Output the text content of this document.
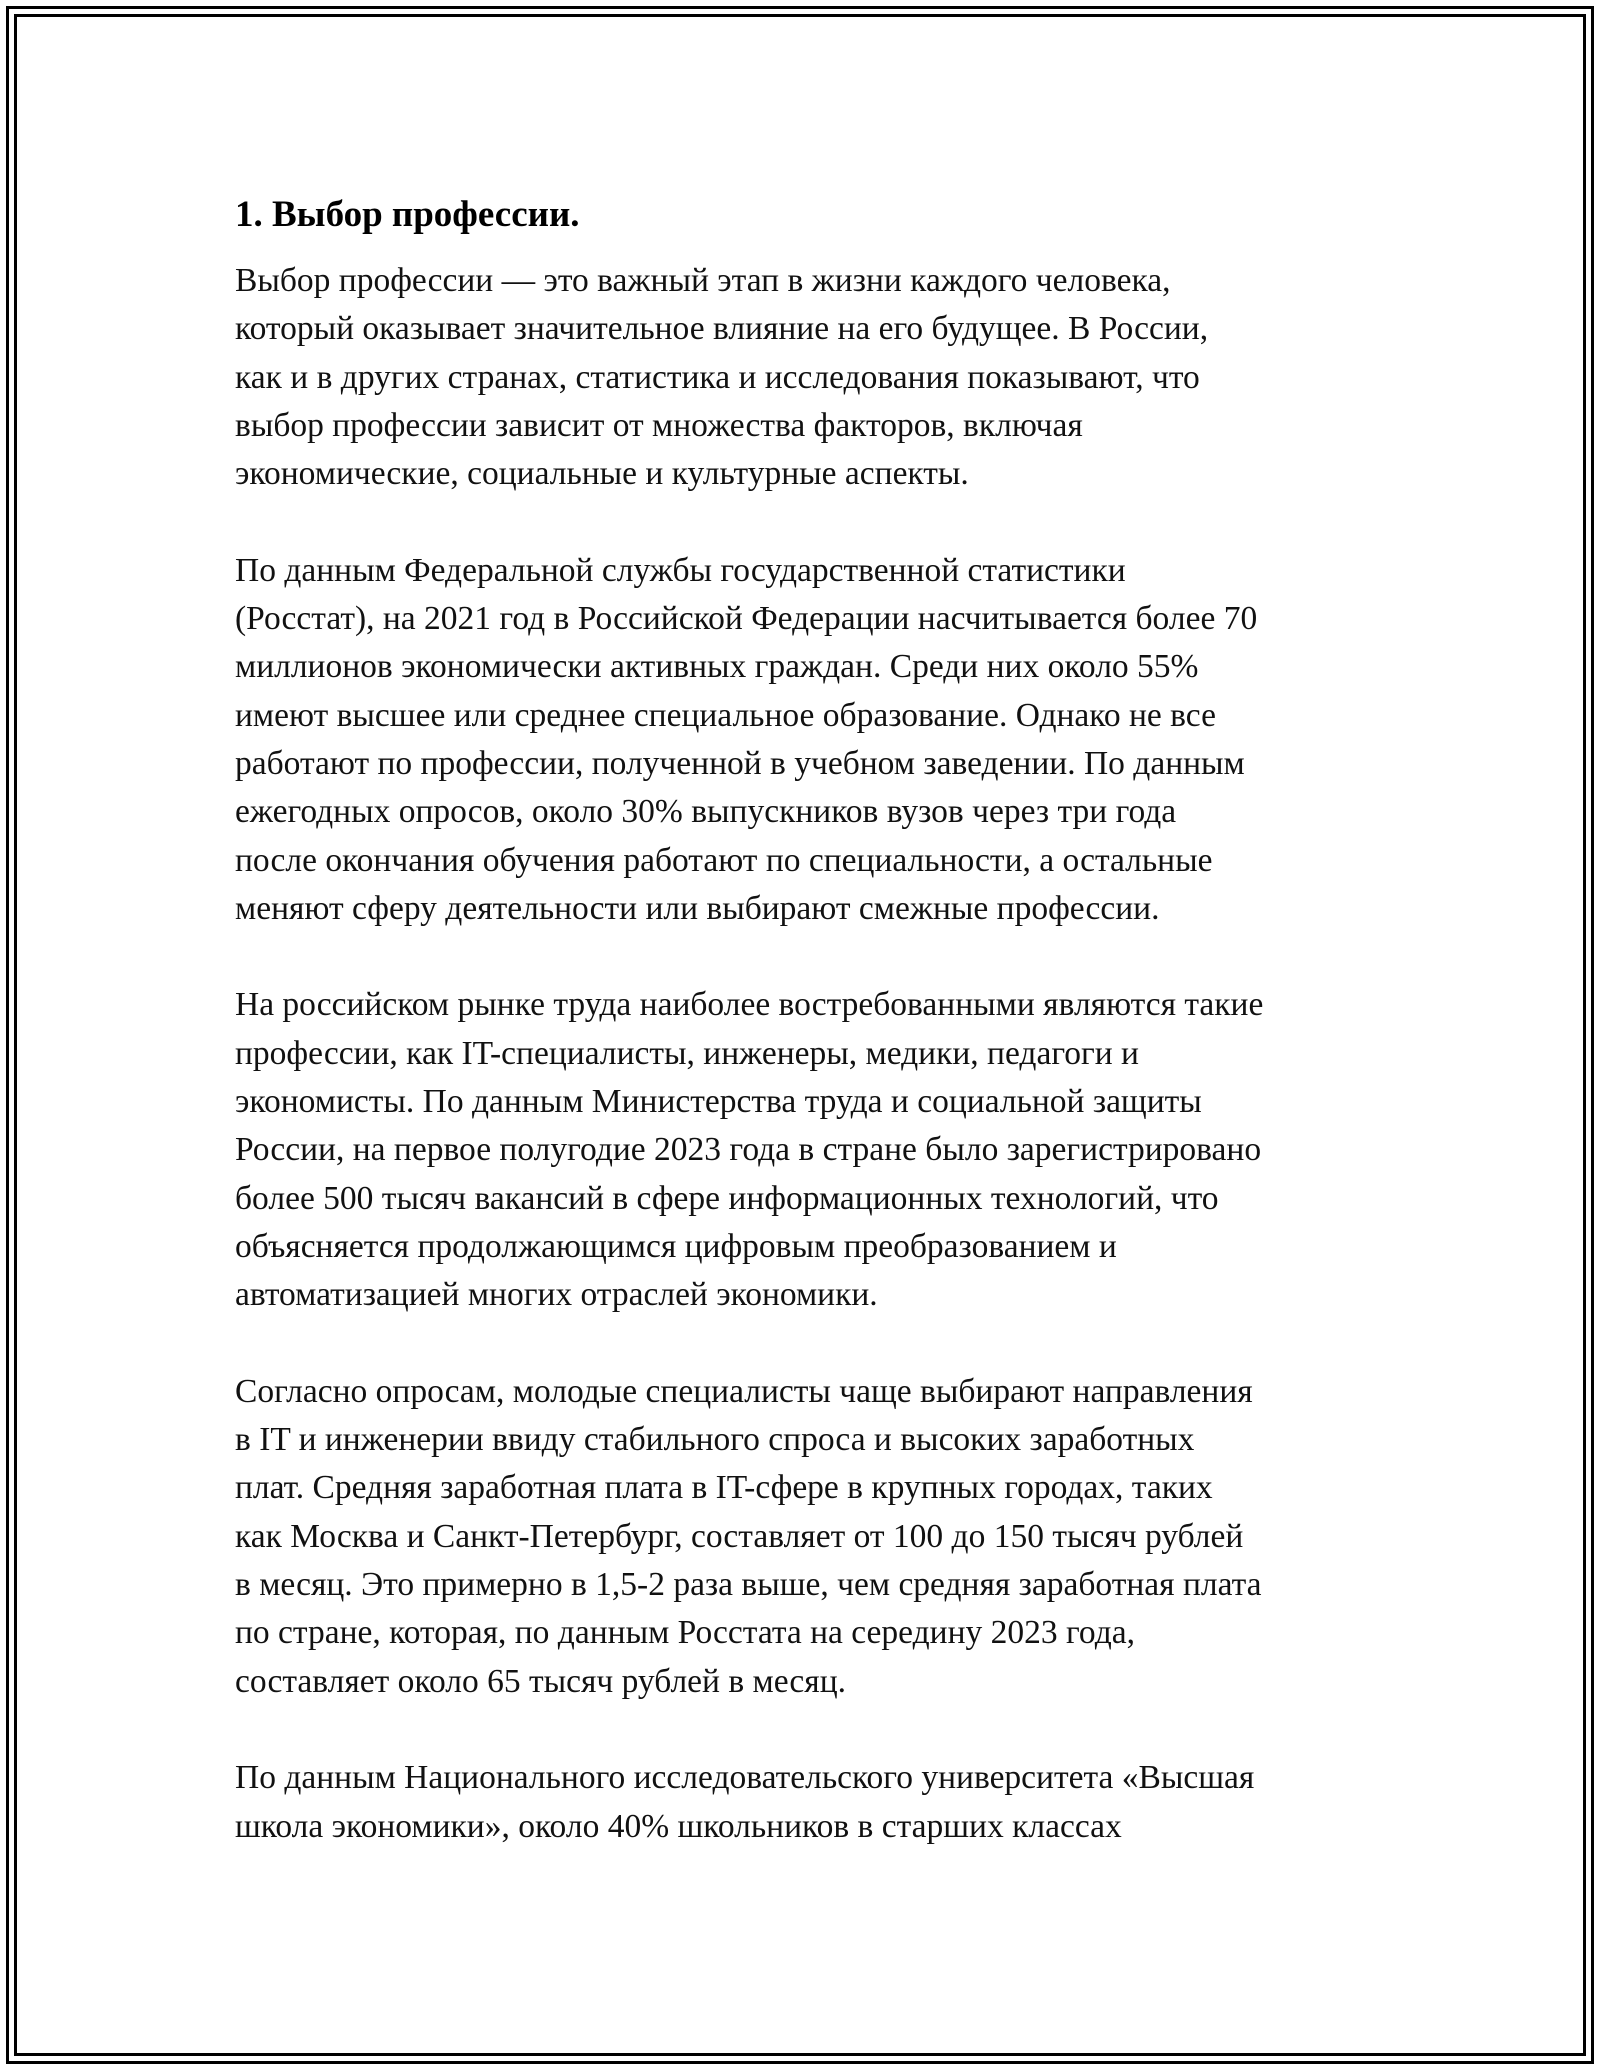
1. Выбор профессии.

Выбор профессии — это важный этап в жизни каждого человека,
который оказывает значительное влияние на его будущее. В России,
как и в других странах, статистика и исследования показывают, что
выбор профессии зависит от множества факторов, включая
экономические, социальные и культурные аспекты.

По данным Федеральной службы государственной статистики
(Росстат), на 2021 год в Российской Федерации насчитывается более 70
миллионов экономически активных граждан. Среди них около 55%
имеют высшее или среднее специальное образование. Однако не все
работают по профессии, полученной в учебном заведении. По данным
ежегодных опросов, около 30% выпускников вузов через три года
после окончания обучения работают по специальности, а остальные
меняют сферу деятельности или выбирают смежные профессии.

На российском рынке труда наиболее востребованными являются такие
профессии, как IT-специалисты, инженеры, медики, педагоги и
экономисты. По данным Министерства труда и социальной защиты
России, на первое полугодие 2023 года в стране было зарегистрировано
более 500 тысяч вакансий в сфере информационных технологий, что
объясняется продолжающимся цифровым преобразованием и
автоматизацией многих отраслей экономики.

Согласно опросам, молодые специалисты чаще выбирают направления
в IT и инженерии ввиду стабильного спроса и высоких заработных
плат. Средняя заработная плата в IT-сфере в крупных городах, таких
как Москва и Санкт-Петербург, составляет от 100 до 150 тысяч рублей
в месяц. Это примерно в 1,5-2 раза выше, чем средняя заработная плата
по стране, которая, по данным Росстата на середину 2023 года,
составляет около 65 тысяч рублей в месяц.

По данным Национального исследовательского университета «Высшая
школа экономики», около 40% школьников в старших классах
